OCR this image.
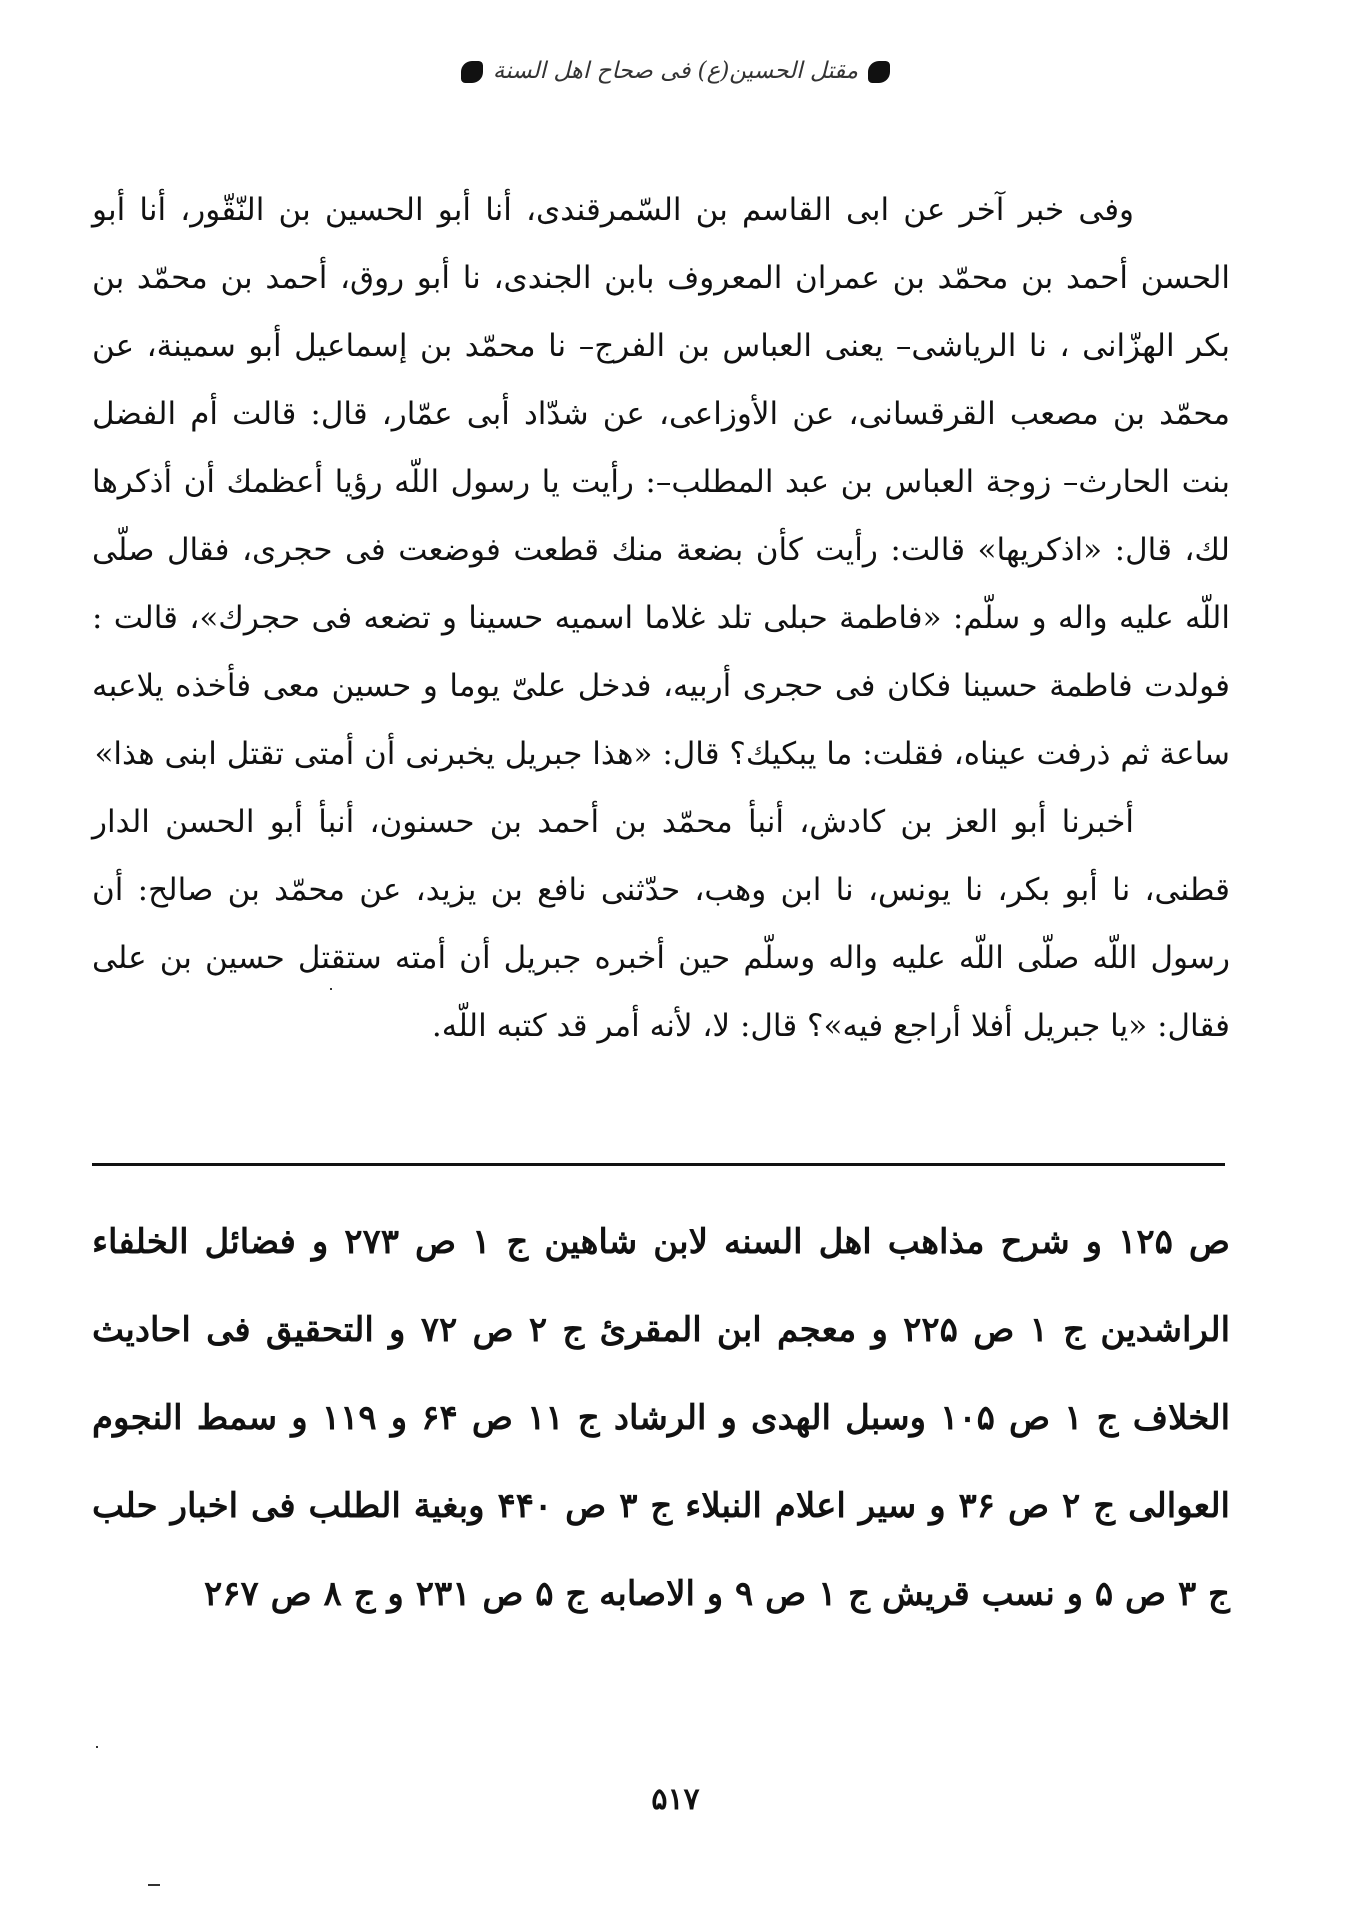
مقتل الحسين(ع) فى صحاح اهل السنة

وفى خبر آخر عن ابى القاسم بن السّمرقندى، أنا أبو الحسين بن النّقّور، أنا أبو الحسن أحمد بن محمّد بن عمران المعروف بابن الجندى، نا أبو روق، أحمد بن محمّد بن بكر الهزّانى ، نا الرياشى– يعنى العباس بن الفرج– نا محمّد بن إسماعيل أبو سمينة، عن محمّد بن مصعب القرقسانى، عن الأوزاعى، عن شدّاد أبى عمّار، قال: قالت أم الفضل بنت الحارث– زوجة العباس بن عبد المطلب–: رأيت يا رسول اللّه رؤيا أعظمك أن أذكرها لك، قال: «اذكريها» قالت: رأيت كأن بضعة منك قطعت فوضعت فى حجرى، فقال صلّى اللّه عليه واله و سلّم: «فاطمة حبلى تلد غلاما اسميه حسينا و تضعه فى حجرك»، قالت : فولدت فاطمة حسينا فكان فى حجرى أربيه، فدخل علىّ يوما و حسين معى فأخذه يلاعبه ساعة ثم ذرفت عيناه، فقلت: ما يبكيك؟ قال: «هذا جبريل يخبرنى أن أمتى تقتل ابنى هذا»

أخبرنا أبو العز بن كادش، أنبأ محمّد بن أحمد بن حسنون، أنبأ أبو الحسن الدار قطنى، نا أبو بكر، نا يونس، نا ابن وهب، حدّثنى نافع بن يزيد، عن محمّد بن صالح: أن رسول اللّه صلّى اللّه عليه واله وسلّم حين أخبره جبريل أن أمته ستقتل حسين بن على فقال: «يا جبريل أفلا أراجع فيه»؟ قال: لا، لأنه أمر قد كتبه اللّه.

ص ۱۲۵ و شرح مذاهب اهل السنه لابن شاهين ج ۱ ص ۲۷۳ و فضائل الخلفاء الراشدين ج ۱ ص ۲۲۵ و معجم ابن المقرئ ج ۲ ص ۷۲ و التحقيق فى احاديث الخلاف ج ۱ ص ۱۰۵ وسبل الهدى و الرشاد ج ۱۱ ص ۶۴ و ۱۱۹ و سمط النجوم العوالى ج ۲ ص ۳۶ و سير اعلام النبلاء ج ۳ ص ۴۴۰ وبغية الطلب فى اخبار حلب ج ۳ ص ۵ و نسب قريش ج ۱ ص ۹ و الاصابه ج ۵ ص ۲۳۱ و ج ۸ ص ۲۶۷

۵۱۷
